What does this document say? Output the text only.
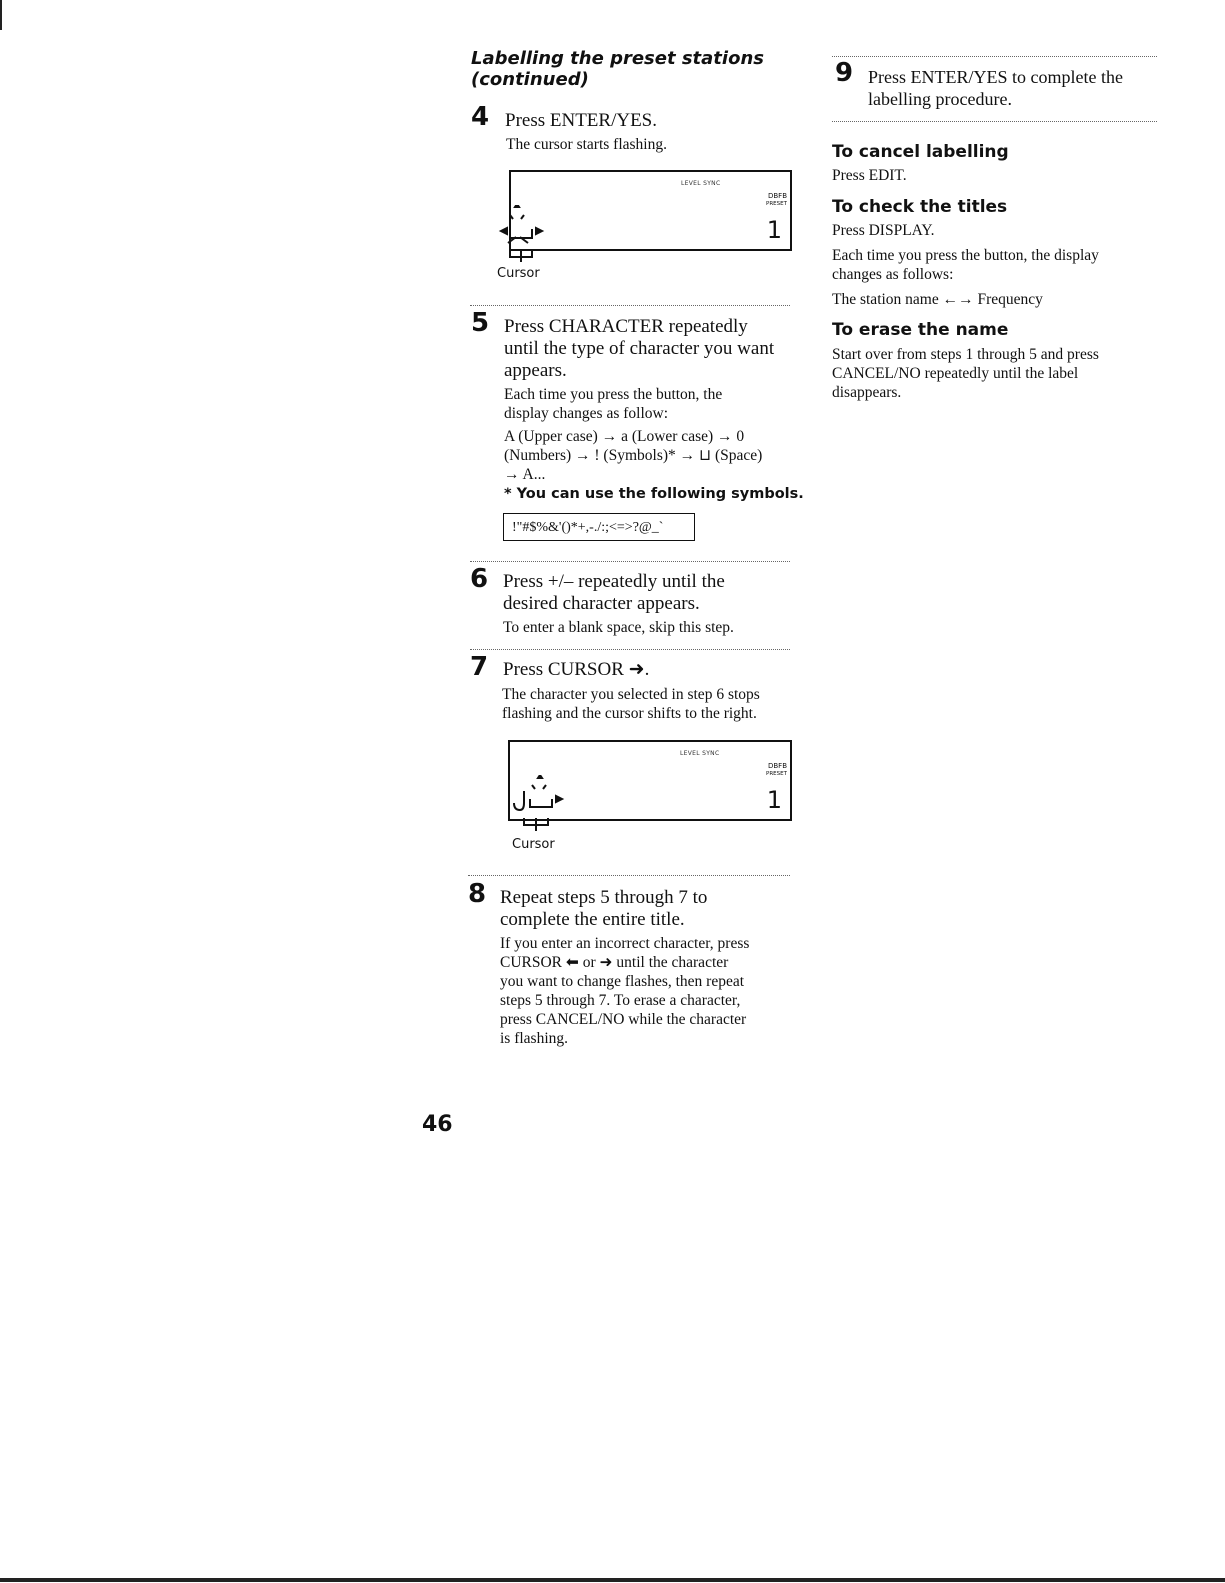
Labelling the preset stations
(continued)
4 Press ENTER/YES.
The cursor starts flashing.
LEVEL SYNC
DBFB
PRESET
1
Cursor
5 Press CHARACTER repeatedly
until the type of character you want
appears.
Each time you press the button, the
display changes as follow:
A (Upper case) → a (Lower case) → 0
(Numbers) → ! (Symbols)* → ⊔ (Space)
→ A...
* You can use the following symbols.
!"#$%&'()*+,-./:;<=>?@_`
6 Press +/– repeatedly until the
desired character appears.
To enter a blank space, skip this step.
7 Press CURSOR ➜.
The character you selected in step 6 stops
flashing and the cursor shifts to the right.
LEVEL SYNC
DBFB
PRESET
1
Cursor
8 Repeat steps 5 through 7 to
complete the entire title.
If you enter an incorrect character, press
CURSOR ⬅ or ➜ until the character
you want to change flashes, then repeat
steps 5 through 7. To erase a character,
press CANCEL/NO while the character
is flashing.
9 Press ENTER/YES to complete the
labelling procedure.
To cancel labelling
Press EDIT.
To check the titles
Press DISPLAY.
Each time you press the button, the display
changes as follows:
The station name ←→ Frequency
To erase the name
Start over from steps 1 through 5 and press
CANCEL/NO repeatedly until the label
disappears.
46
